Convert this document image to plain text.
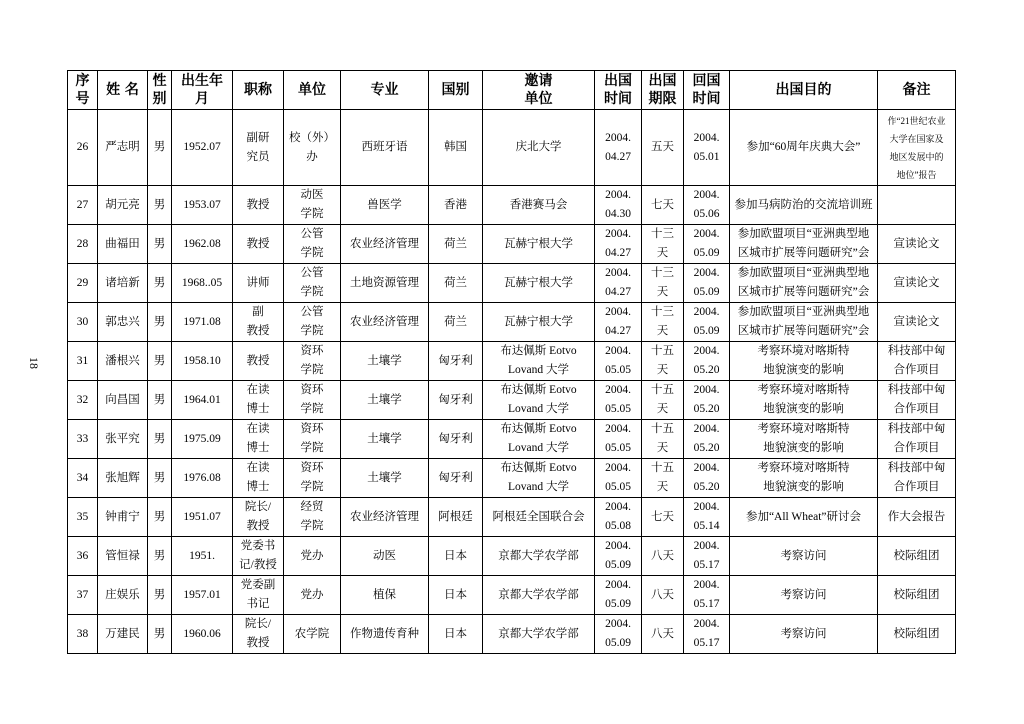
18
序
号	姓 名	性
别	出生年
月	职称	单位	专业	国别	邀请
单位	出国
时间	出国
期限	回国
时间	出国目的	备注
26	严志明	男	1952.07	副研
究员	校（外）
办	西班牙语	韩国	庆北大学	2004.
04.27	五天	2004.
05.01	参加“60周年庆典大会”	作“21世纪农业
大学在国家及
地区发展中的
地位”报告
27	胡元亮	男	1953.07	教授	动医
学院	兽医学	香港	香港赛马会	2004.
04.30	七天	2004.
05.06	参加马病防治的交流培训班	
28	曲福田	男	1962.08	教授	公管
学院	农业经济管理	荷兰	瓦赫宁根大学	2004.
04.27	十三
天	2004.
05.09	参加欧盟项目“亚洲典型地
区城市扩展等问题研究”会	宣读论文
29	诸培新	男	1968..05	讲师	公管
学院	土地资源管理	荷兰	瓦赫宁根大学	2004.
04.27	十三
天	2004.
05.09	参加欧盟项目“亚洲典型地
区城市扩展等问题研究”会	宣读论文
30	郭忠兴	男	1971.08	副
教授	公管
学院	农业经济管理	荷兰	瓦赫宁根大学	2004.
04.27	十三
天	2004.
05.09	参加欧盟项目“亚洲典型地
区城市扩展等问题研究”会	宣读论文
31	潘根兴	男	1958.10	教授	资环
学院	土壤学	匈牙利	布达佩斯 Eotvo
Lovand 大学	2004.
05.05	十五
天	2004.
05.20	考察环境对喀斯特
地貌演变的影响	科技部中匈
合作项目
32	向昌国	男	1964.01	在读
博士	资环
学院	土壤学	匈牙利	布达佩斯 Eotvo
Lovand 大学	2004.
05.05	十五
天	2004.
05.20	考察环境对喀斯特
地貌演变的影响	科技部中匈
合作项目
33	张平究	男	1975.09	在读
博士	资环
学院	土壤学	匈牙利	布达佩斯 Eotvo
Lovand 大学	2004.
05.05	十五
天	2004.
05.20	考察环境对喀斯特
地貌演变的影响	科技部中匈
合作项目
34	张旭辉	男	1976.08	在读
博士	资环
学院	土壤学	匈牙利	布达佩斯 Eotvo
Lovand 大学	2004.
05.05	十五
天	2004.
05.20	考察环境对喀斯特
地貌演变的影响	科技部中匈
合作项目
35	钟甫宁	男	1951.07	院长/
教授	经贸
学院	农业经济管理	阿根廷	阿根廷全国联合会	2004.
05.08	七天	2004.
05.14	参加“All Wheat”研讨会	作大会报告
36	管恒禄	男	1951.	党委书
记/教授	党办	动医	日本	京都大学农学部	2004.
05.09	八天	2004.
05.17	考察访问	校际组团
37	庄娱乐	男	1957.01	党委副
书记	党办	植保	日本	京都大学农学部	2004.
05.09	八天	2004.
05.17	考察访问	校际组团
38	万建民	男	1960.06	院长/
教授	农学院	作物遗传育种	日本	京都大学农学部	2004.
05.09	八天	2004.
05.17	考察访问	校际组团
